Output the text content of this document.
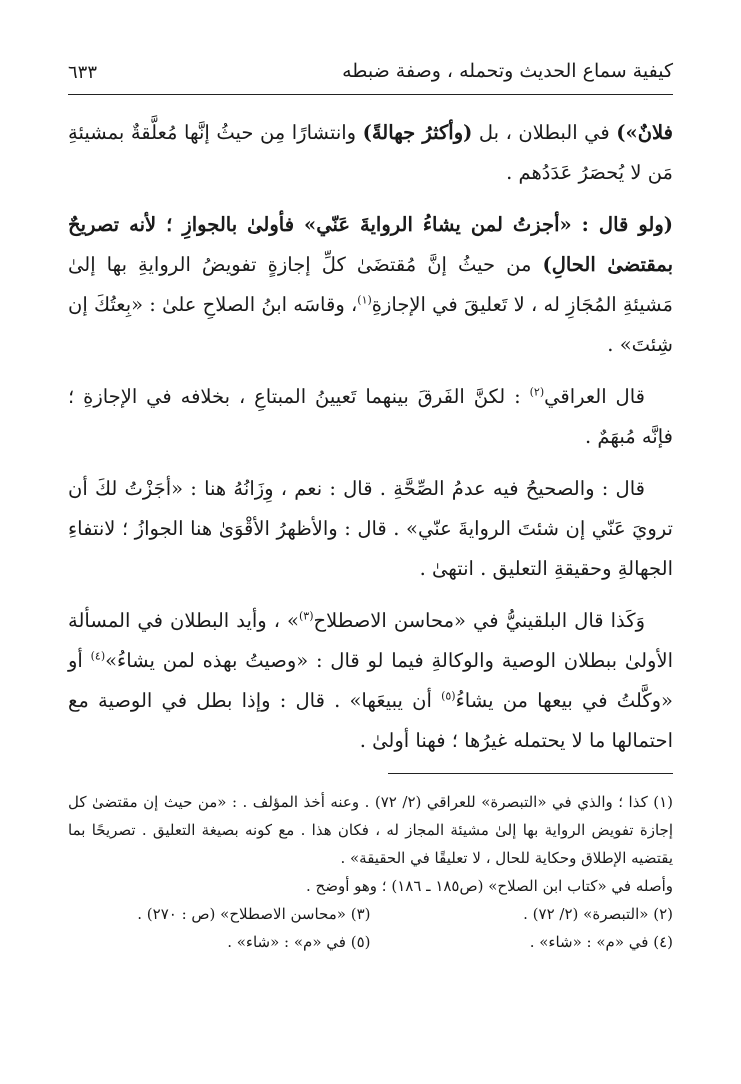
كيفية سماع الحديث وتحمله ، وصفة ضبطه
٦٣٣

فلانٌ») في البطلان ، بل (وأكثرُ جهالةً) وانتشارًا مِن حيثُ إنَّها مُعلَّقةٌ بمشيئةِ مَن لا يُحصَرُ عَدَدُهم .

(ولو قال : «أجزتُ لمن يشاءُ الروايةَ عَنّي» فأولىٰ بالجوازِ ؛ لأنه تصريحٌ بمقتضىٰ الحالِ) من حيثُ إنَّ مُقتضَىٰ كلِّ إجازةٍ تفويضُ الروايةِ بها إلىٰ مَشيئةِ المُجَازِ له ، لا تَعليقَ في الإجازةِ$^{(١)}$، وقاسَه ابنُ الصلاحِ علىٰ : «بِعتُكَ إن شِئتَ» .

قال العراقي$^{(٢)}$ : لكنَّ الفَرقَ بينهما تَعيينُ المبتاعِ ، بخلافه في الإجازةِ ؛ فإنَّه مُبهَمٌ .

قال : والصحيحُ فيه عدمُ الصِّحَّةِ . قال : نعم ، وِزَانُهُ هنا : «أجَزْتُ لكَ أن ترويَ عَنّي إن شئتَ الروايةَ عنّي» . قال : والأظهرُ الأقْوَىٰ هنا الجوازُ ؛ لانتفاءِ الجهالةِ وحقيقةِ التعليق . انتهىٰ .

وَكَذا قال البلقينيُّ في «محاسن الاصطلاح$^{(٣)}$» ، وأيد البطلان في المسألة الأولىٰ ببطلان الوصية والوكالةِ فيما لو قال : «وصيتُ بهذه لمن يشاءُ»$^{(٤)}$ أو «وكَّلتُ في بيعها من يشاءُ$^{(٥)}$ أن يبيعَها» . قال : وإذا بطل في الوصية مع احتمالها ما لا يحتمله غيرُها ؛ فهنا أولىٰ .

(١) كذا ؛ والذي في «التبصرة» للعراقي (٢/ ٧٢) . وعنه أخذ المؤلف . : «من حيث إن مقتضىٰ كل إجازة تفويض الرواية بها إلىٰ مشيئة المجاز له ، فكان هذا . مع كونه بصيغة التعليق . تصريحًا بما يقتضيه الإطلاق وحكاية للحال ، لا تعليقًا في الحقيقة» .
وأصله في «كتاب ابن الصلاح» (ص١٨٥ ـ ١٨٦) ؛ وهو أوضح .
(٢) «التبصرة» (٢/ ٧٢) .
(٣) «محاسن الاصطلاح» (ص : ٢٧٠) .
(٤) في «م» : «شاء» .
(٥) في «م» : «شاء» .
